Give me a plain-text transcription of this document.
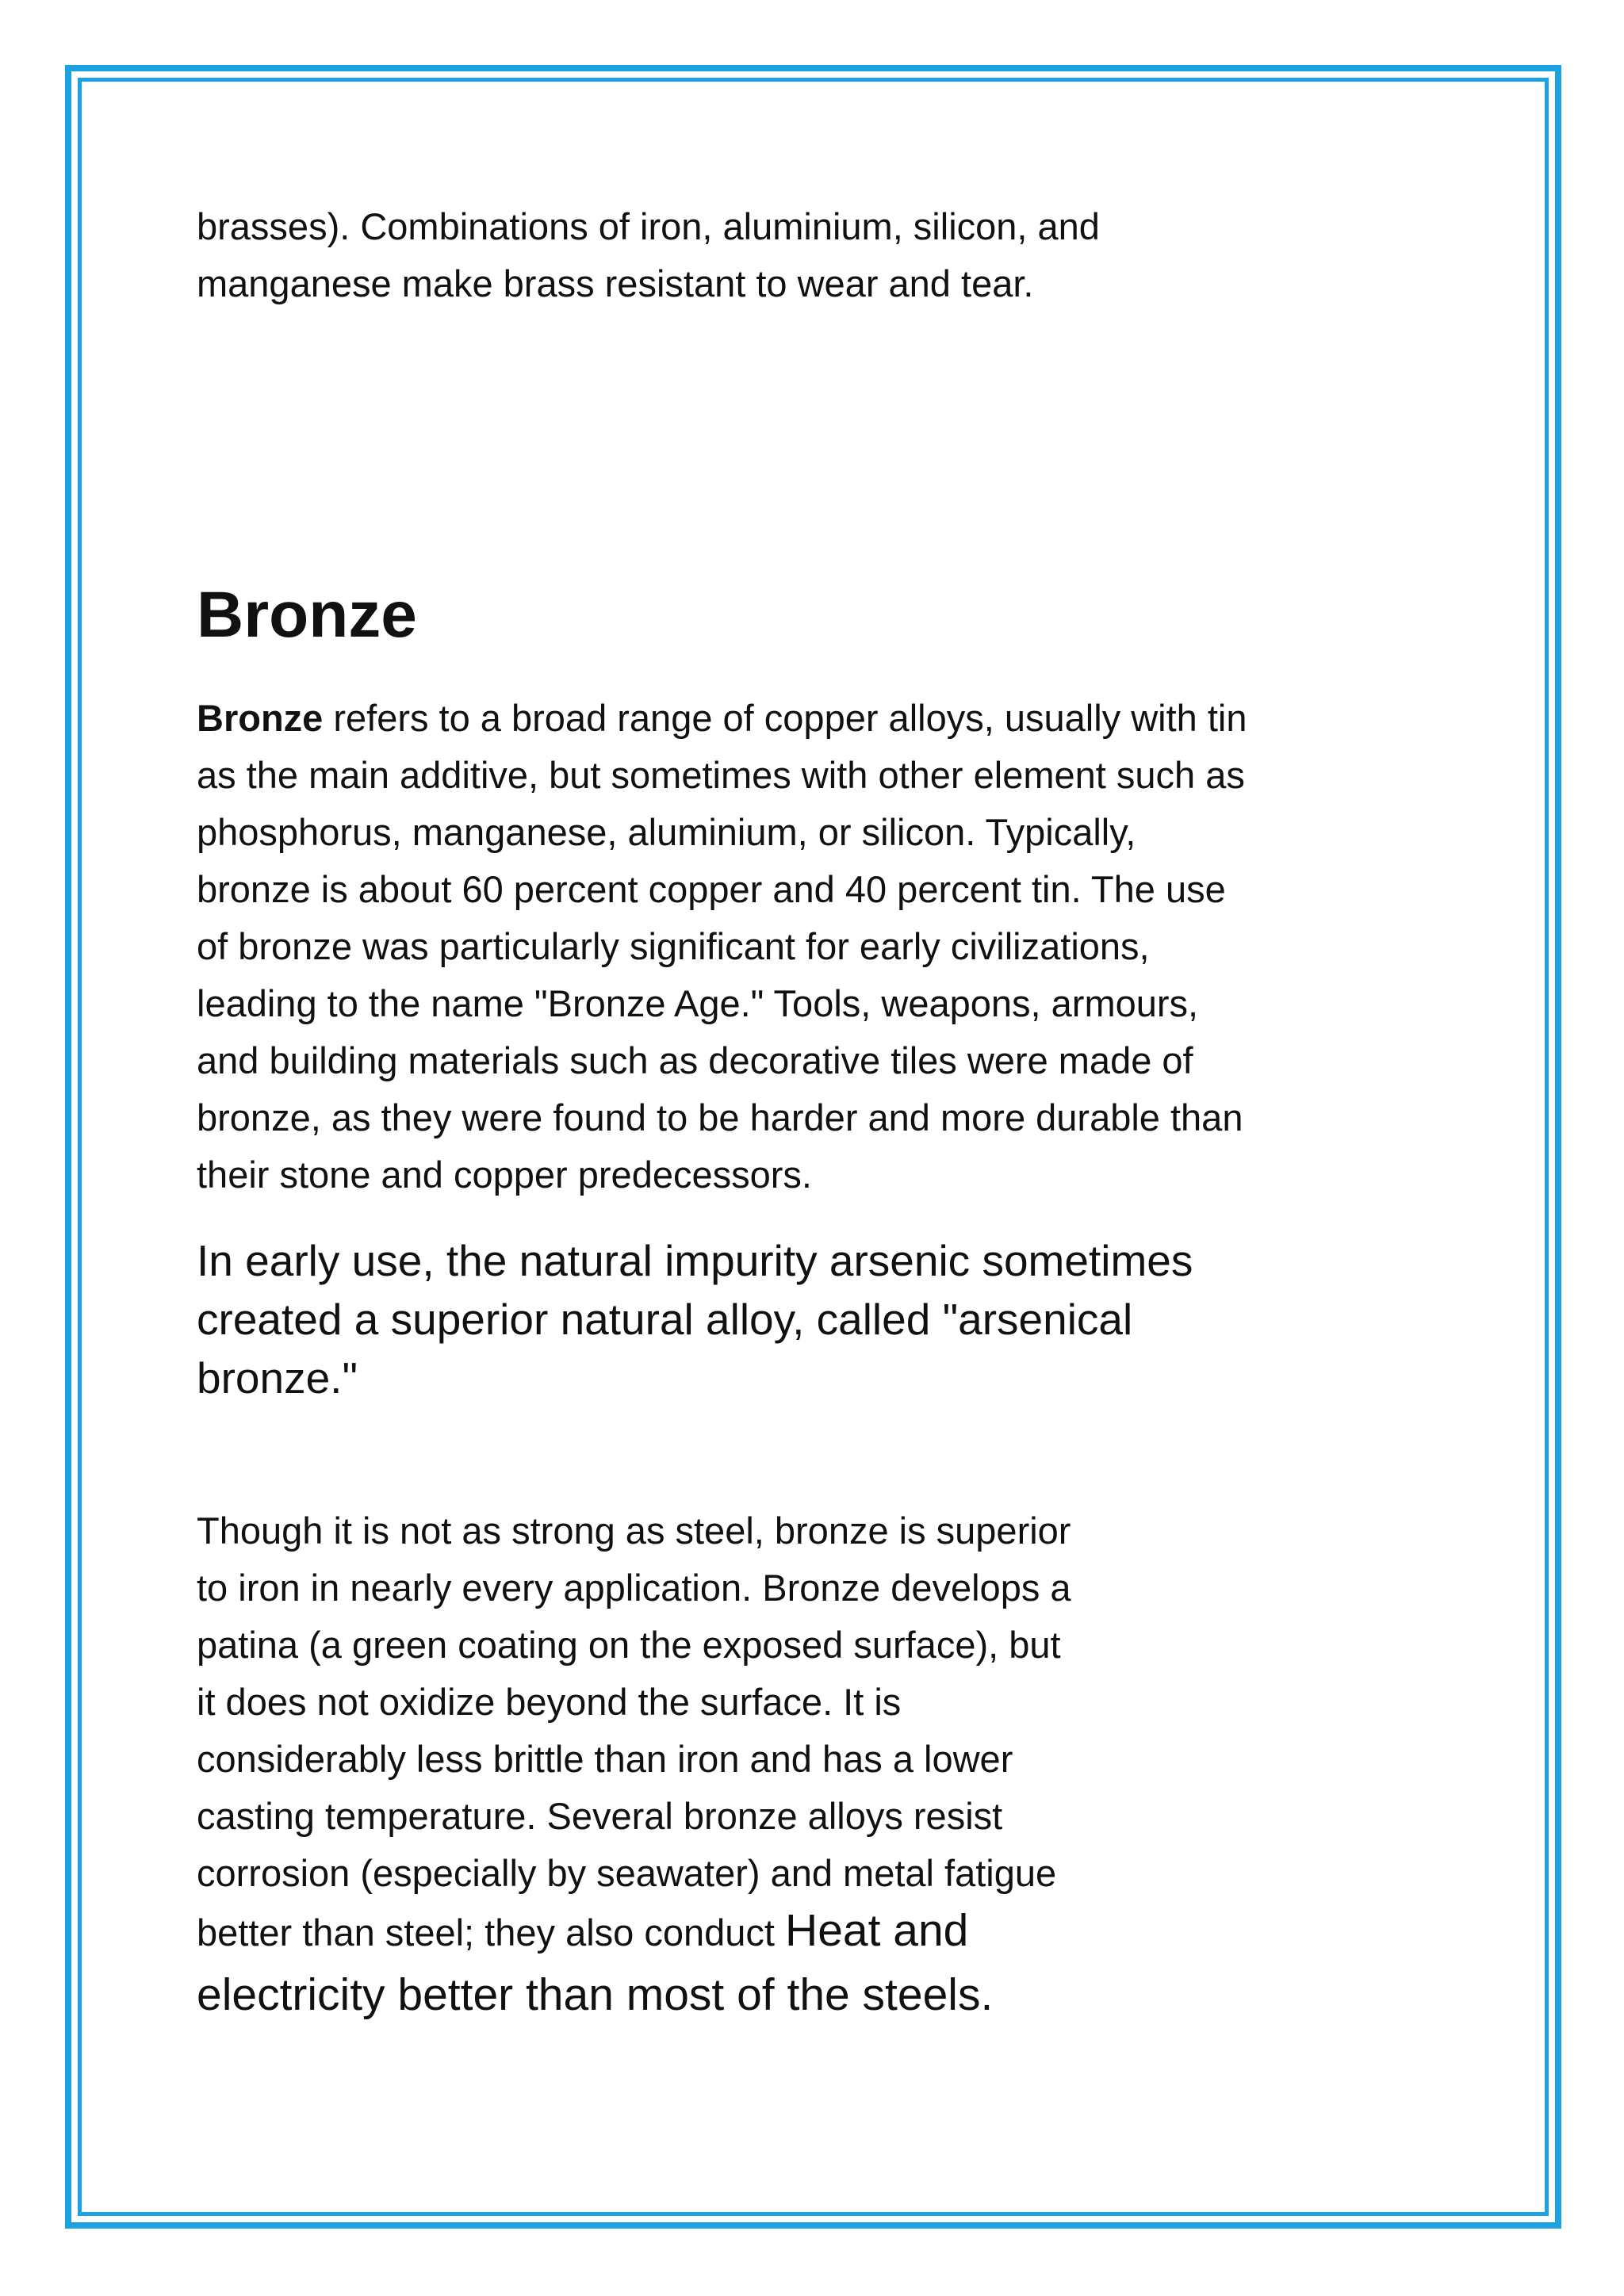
brasses). Combinations of iron, aluminium, silicon, and
manganese make brass resistant to wear and tear.

Bronze

Bronze refers to a broad range of copper alloys, usually with tin
as the main additive, but sometimes with other element such as
phosphorus, manganese, aluminium, or silicon. Typically,
bronze is about 60 percent copper and 40 percent tin. The use
of bronze was particularly significant for early civilizations,
leading to the name "Bronze Age." Tools, weapons, armours,
and building materials such as decorative tiles were made of
bronze, as they were found to be harder and more durable than
their stone and copper predecessors.

In early use, the natural impurity arsenic sometimes
created a superior natural alloy, called "arsenical
bronze."

Though it is not as strong as steel, bronze is superior
to iron in nearly every application. Bronze develops a
patina (a green coating on the exposed surface), but
it does not oxidize beyond the surface. It is
considerably less brittle than iron and has a lower
casting temperature. Several bronze alloys resist
corrosion (especially by seawater) and metal fatigue
better than steel; they also conduct Heat and
electricity better than most of the steels.
